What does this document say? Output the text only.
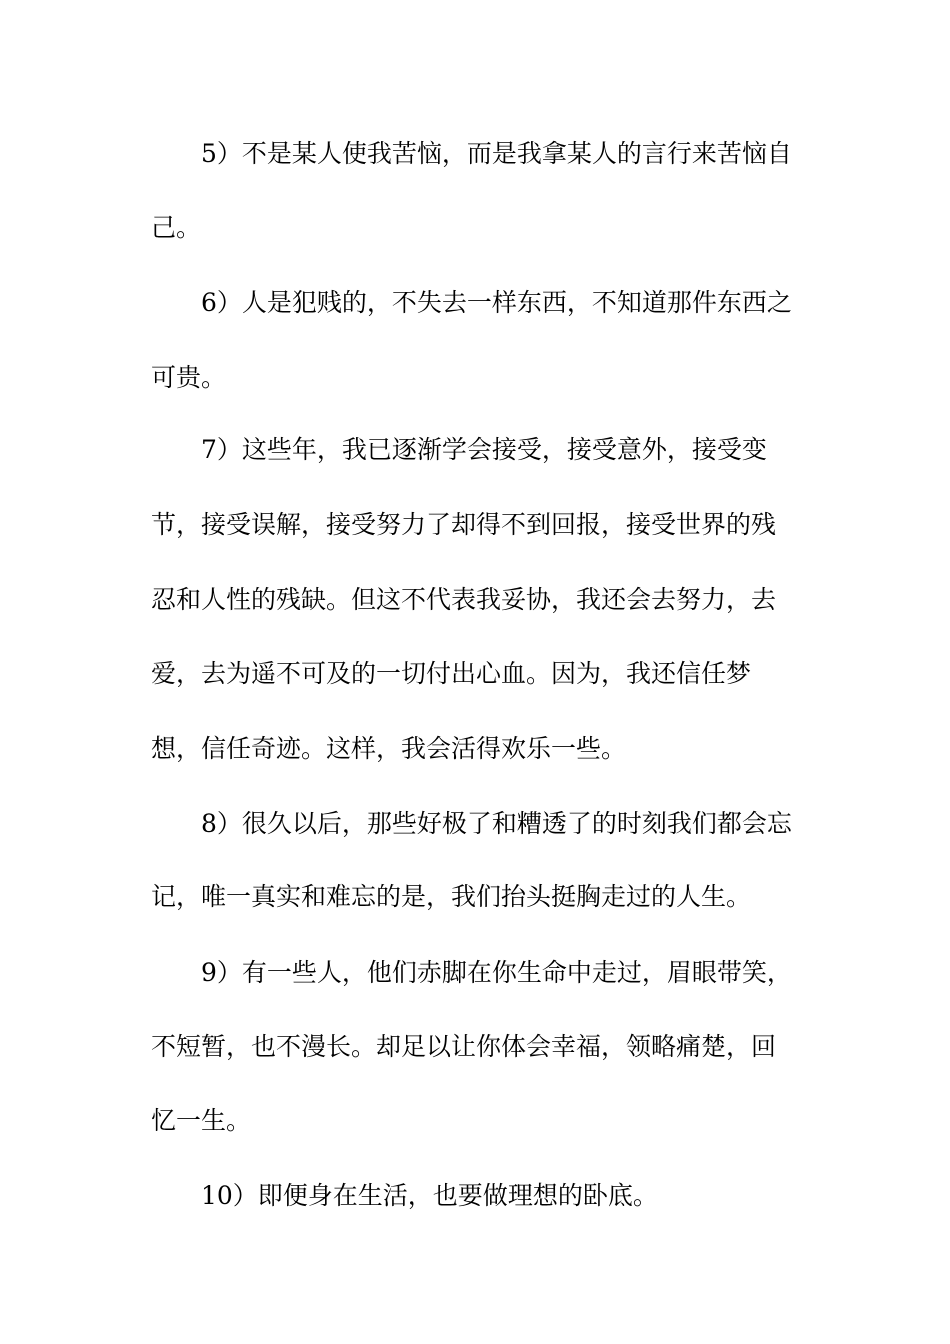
5）不是某人使我苦恼，而是我拿某人的言行来苦恼自
己。
6）人是犯贱的，不失去一样东西，不知道那件东西之
可贵。
7）这些年，我已逐渐学会接受，接受意外，接受变
节，接受误解，接受努力了却得不到回报，接受世界的残
忍和人性的残缺。但这不代表我妥协，我还会去努力，去
爱，去为遥不可及的一切付出心血。因为，我还信任梦
想，信任奇迹。这样，我会活得欢乐一些。
8）很久以后，那些好极了和糟透了的时刻我们都会忘
记，唯一真实和难忘的是，我们抬头挺胸走过的人生。
9）有一些人，他们赤脚在你生命中走过，眉眼带笑，
不短暂，也不漫长。却足以让你体会幸福，领略痛楚，回
忆一生。
10）即便身在生活，也要做理想的卧底。
